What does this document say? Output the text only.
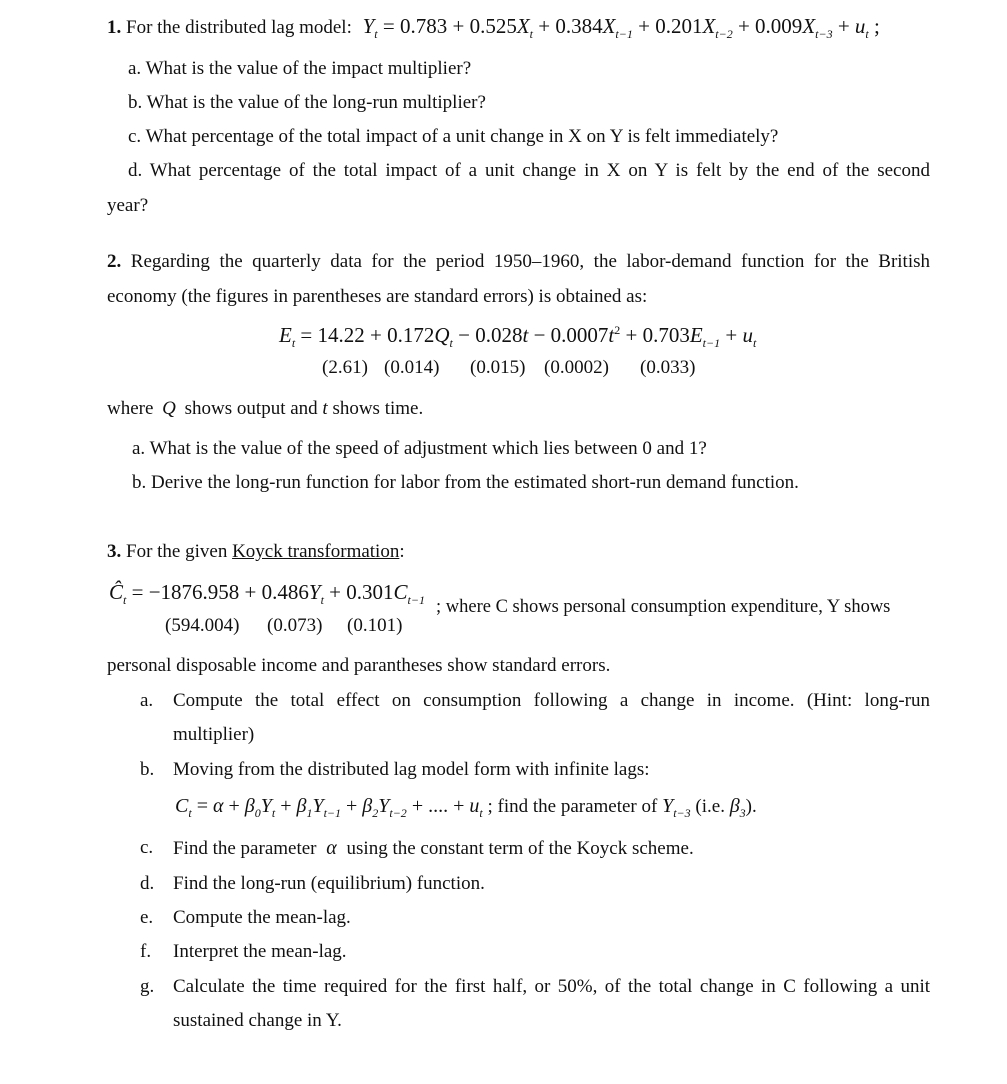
1. For the distributed lag model: $Y_t = 0.783 + 0.525X_t + 0.384X_{t-1} + 0.201X_{t-2} + 0.009X_{t-3} + u_t$ ;
a. What is the value of the impact multiplier?
b. What is the value of the long-run multiplier?
c. What percentage of the total impact of a unit change in X on Y is felt immediately?
d. What percentage of the total impact of a unit change in X on Y is felt by the end of the second
year?
2. Regarding the quarterly data for the period 1950–1960, the labor-demand function for the British
economy (the figures in parentheses are standard errors) is obtained as:
$E_t = 14.22 + 0.172Q_t - 0.028t - 0.0007t^2 + 0.703E_{t-1} + u_t$
(2.61) (0.014) (0.015) (0.0002) (0.033)
where Q shows output and t shows time.
a. What is the value of the speed of adjustment which lies between 0 and 1?
b. Derive the long-run function for labor from the estimated short-run demand function.
3. For the given Koyck transformation:
$Ĉ_t = -1876.958 + 0.486Y_t + 0.301C_{t-1}$ ; where C shows personal consumption expenditure, Y shows
(594.004) (0.073) (0.101)
personal disposable income and parantheses show standard errors.
a. Compute the total effect on consumption following a change in income. (Hint: long-run
multiplier)
b. Moving from the distributed lag model form with infinite lags:
$C_t = \alpha + \beta_0Y_t + \beta_1Y_{t-1} + \beta_2Y_{t-2}$ + .... + $u_t$ ; find the parameter of $Y_{t-3}$ (i.e. $\beta_3$).
c. Find the parameter α using the constant term of the Koyck scheme.
d. Find the long-run (equilibrium) function.
e. Compute the mean-lag.
f. Interpret the mean-lag.
g. Calculate the time required for the first half, or 50%, of the total change in C following a unit
sustained change in Y.
